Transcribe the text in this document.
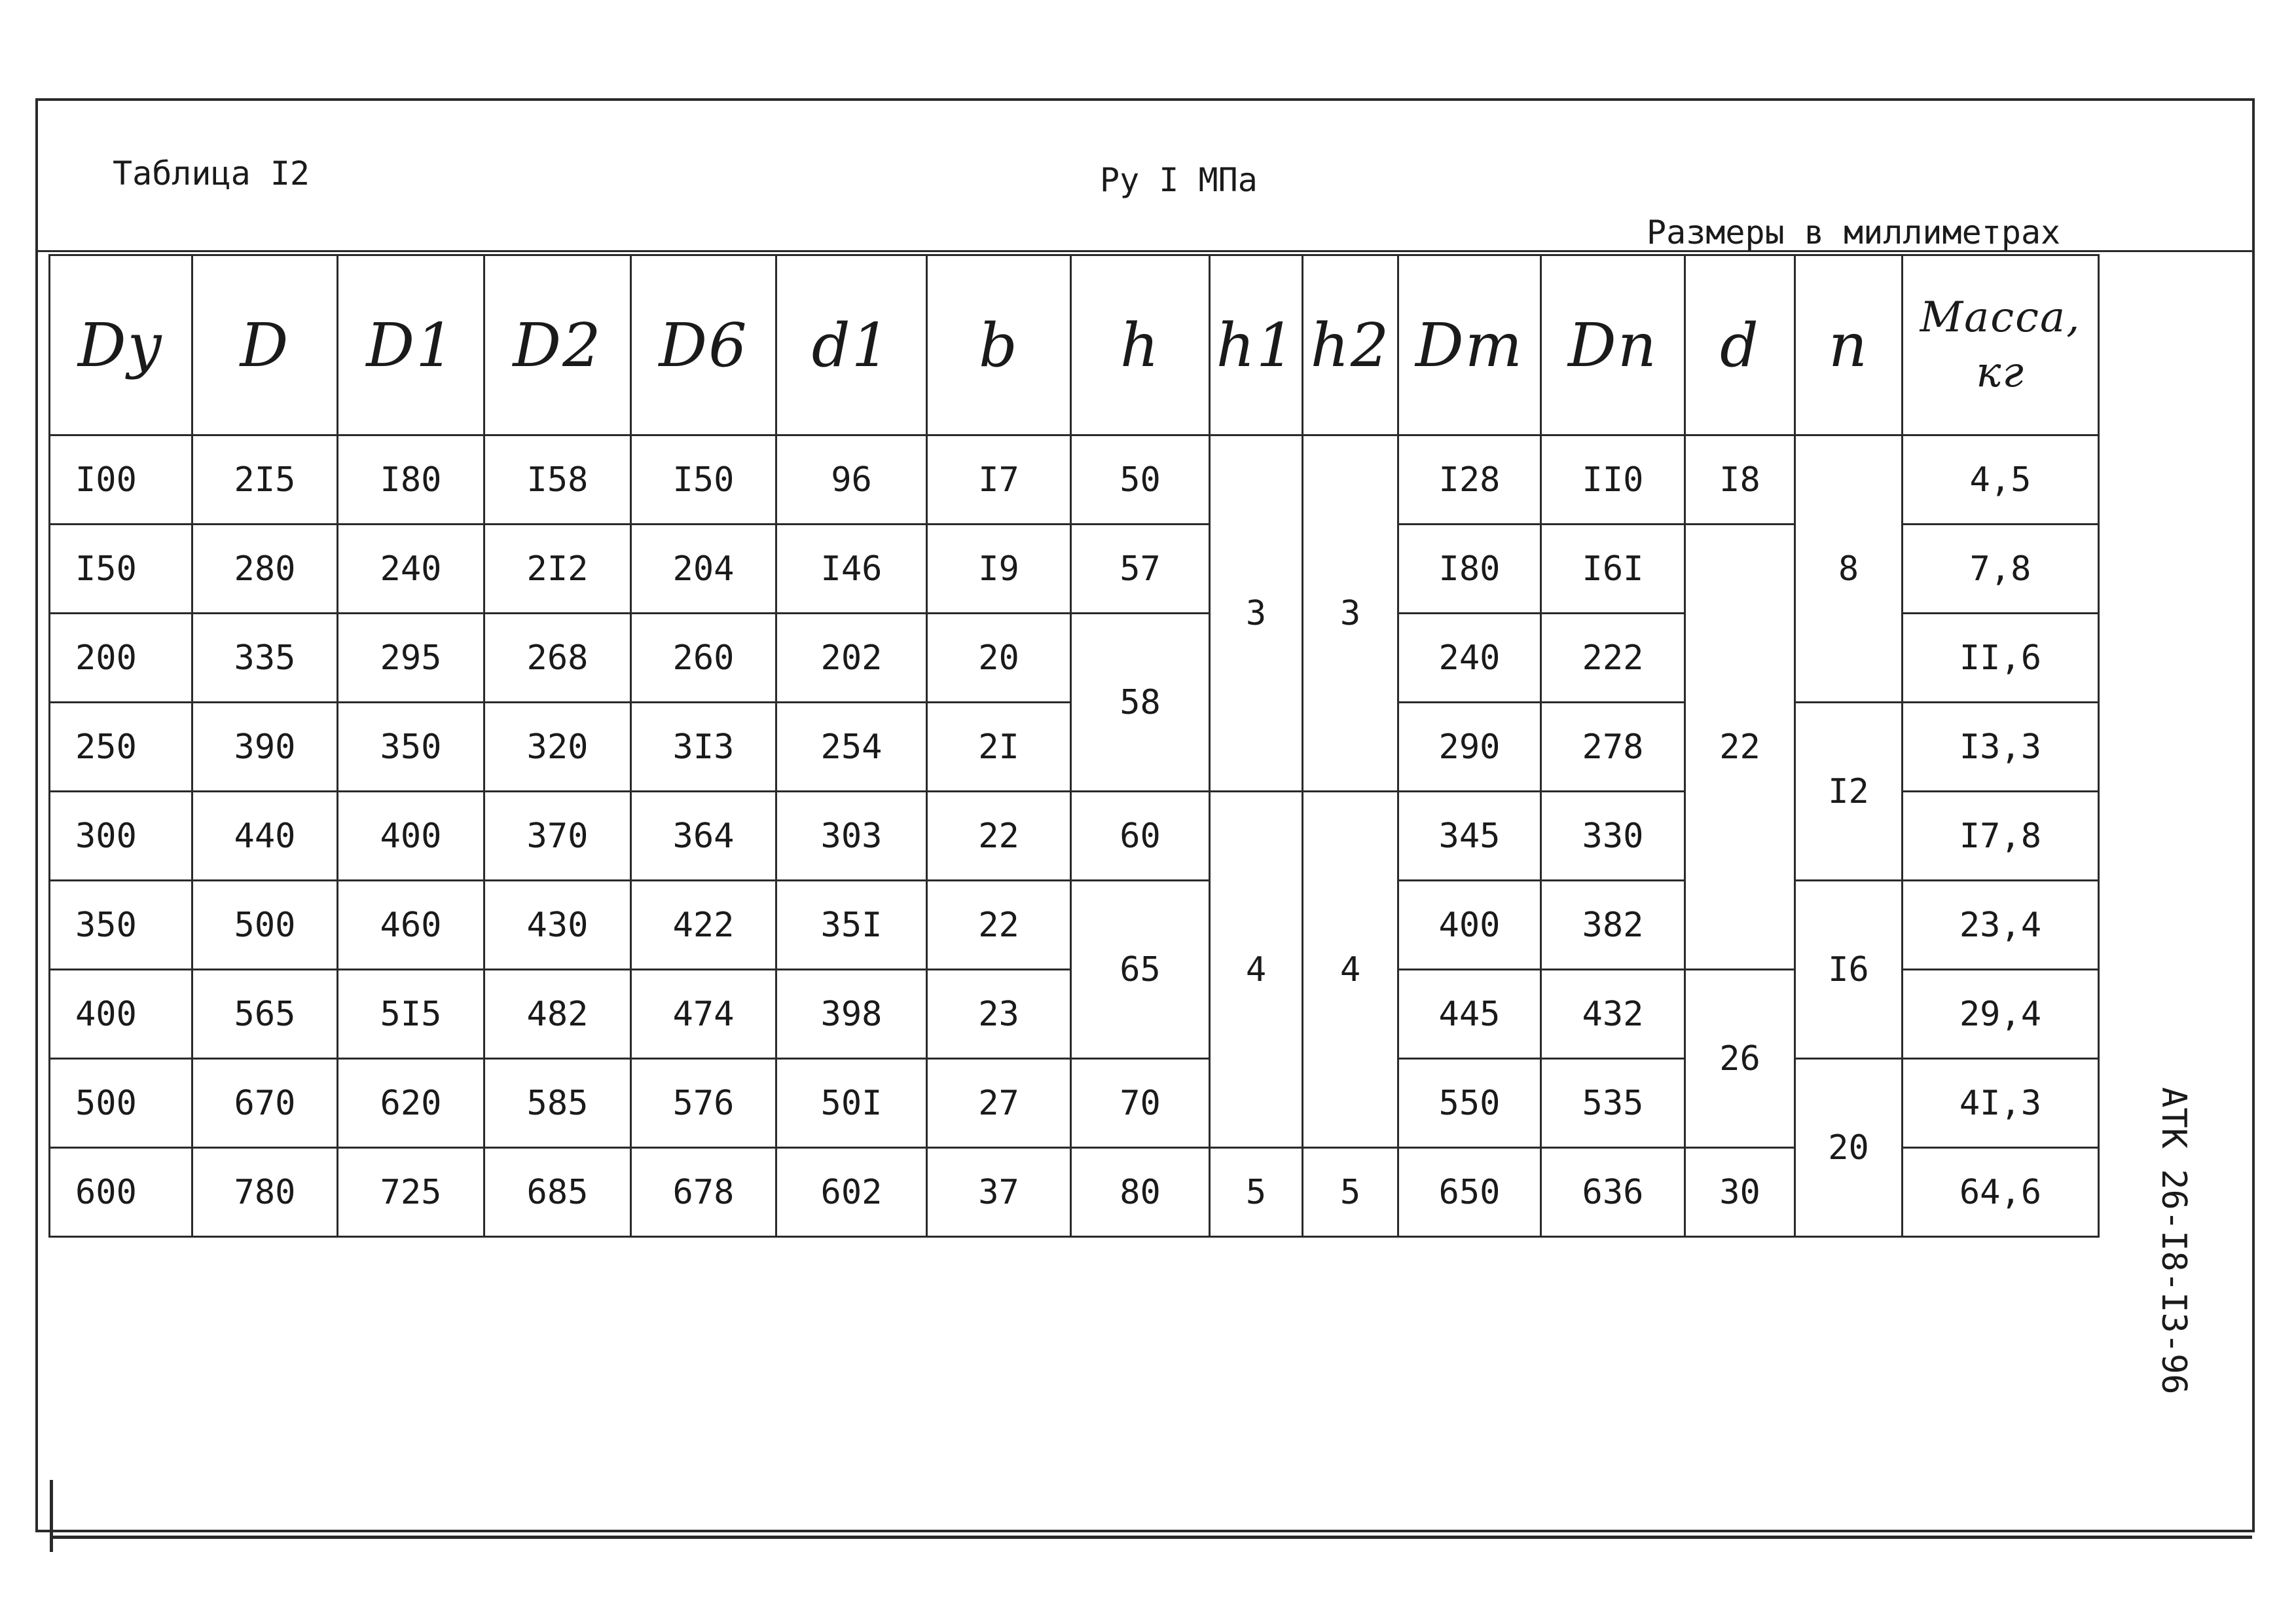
Таблица I2	Ру I МПа
Размеры в миллиметрах
Dу	D	D1	D2	D6	d1	b	h	h1	h2	Dm	Dn	d	n	Масса, кг
I00	2I5	I80	I58	I50	96	I7	50	3	3	I28	II0	I8	8	4,5
I50	280	240	2I2	204	I46	I9	57			I80	I6I	22		7,8
200	335	295	268	260	202	20	58			240	222			II,6
250	390	350	320	3I3	254	2I				290	278		I2	I3,3
300	440	400	370	364	303	22	60	4	4	345	330			I7,8
350	500	460	430	422	35I	22	65			400	382		I6	23,4
400	565	5I5	482	474	398	23				445	432	26		29,4
500	670	620	585	576	50I	27	70			550	535		20	4I,3
600	780	725	685	678	602	37	80	5	5	650	636	30		64,6	АТК 26-I8-I3-96
